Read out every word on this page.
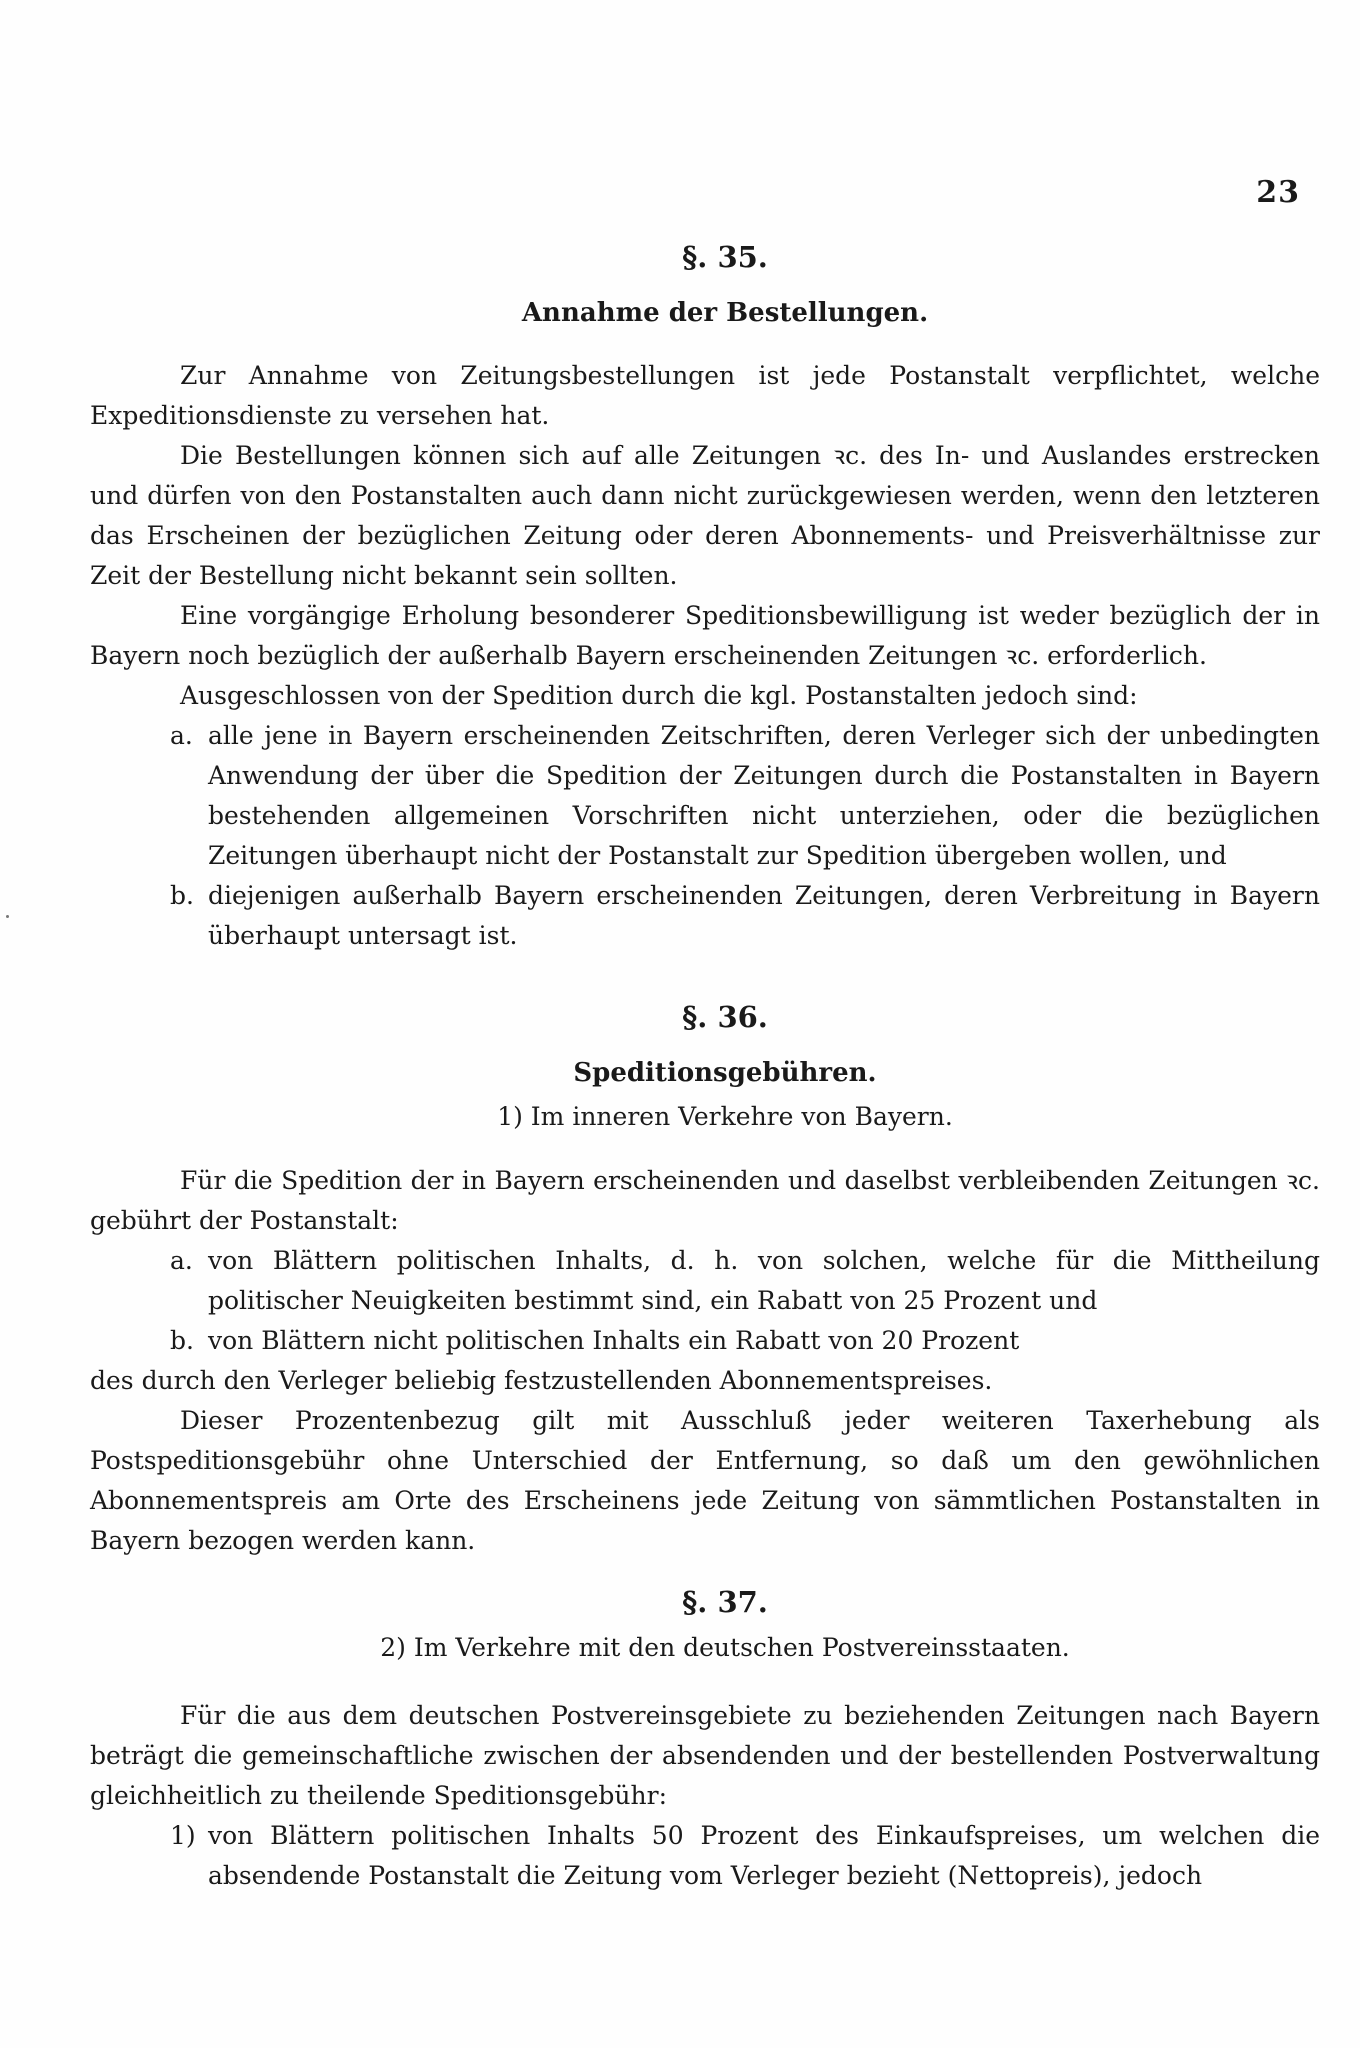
23

§. 35.

Annahme der Bestellungen.

Zur Annahme von Zeitungsbestellungen ist jede Postanstalt verpflichtet, welche Expeditionsdienste zu versehen hat.

Die Bestellungen können sich auf alle Zeitungen ꝛc. des In- und Auslandes erstrecken und dürfen von den Postanstalten auch dann nicht zurückgewiesen werden, wenn den letzteren das Erscheinen der bezüglichen Zeitung oder deren Abonnements- und Preisverhältnisse zur Zeit der Bestellung nicht bekannt sein sollten.

Eine vorgängige Erholung besonderer Speditionsbewilligung ist weder bezüglich der in Bayern noch bezüglich der außerhalb Bayern erscheinenden Zeitungen ꝛc. erforderlich.

Ausgeschlossen von der Spedition durch die kgl. Postanstalten jedoch sind:

a. alle jene in Bayern erscheinenden Zeitschriften, deren Verleger sich der unbedingten Anwendung der über die Spedition der Zeitungen durch die Postanstalten in Bayern bestehenden allgemeinen Vorschriften nicht unterziehen, oder die bezüglichen Zeitungen überhaupt nicht der Postanstalt zur Spedition übergeben wollen, und

b. diejenigen außerhalb Bayern erscheinenden Zeitungen, deren Verbreitung in Bayern überhaupt untersagt ist.

§. 36.

Speditionsgebühren.

1) Im inneren Verkehre von Bayern.

Für die Spedition der in Bayern erscheinenden und daselbst verbleibenden Zeitungen ꝛc. gebührt der Postanstalt:

a. von Blättern politischen Inhalts, d. h. von solchen, welche für die Mittheilung politischer Neuigkeiten bestimmt sind, ein Rabatt von 25 Prozent und

b. von Blättern nicht politischen Inhalts ein Rabatt von 20 Prozent

des durch den Verleger beliebig festzustellenden Abonnementspreises.

Dieser Prozentenbezug gilt mit Ausschluß jeder weiteren Taxerhebung als Postspeditionsgebühr ohne Unterschied der Entfernung, so daß um den gewöhnlichen Abonnementspreis am Orte des Erscheinens jede Zeitung von sämmtlichen Postanstalten in Bayern bezogen werden kann.

§. 37.

2) Im Verkehre mit den deutschen Postvereinsstaaten.

Für die aus dem deutschen Postvereinsgebiete zu beziehenden Zeitungen nach Bayern beträgt die gemeinschaftliche zwischen der absendenden und der bestellenden Postverwaltung gleichheitlich zu theilende Speditionsgebühr:

1) von Blättern politischen Inhalts 50 Prozent des Einkaufspreises, um welchen die absendende Postanstalt die Zeitung vom Verleger bezieht (Nettopreis), jedoch
